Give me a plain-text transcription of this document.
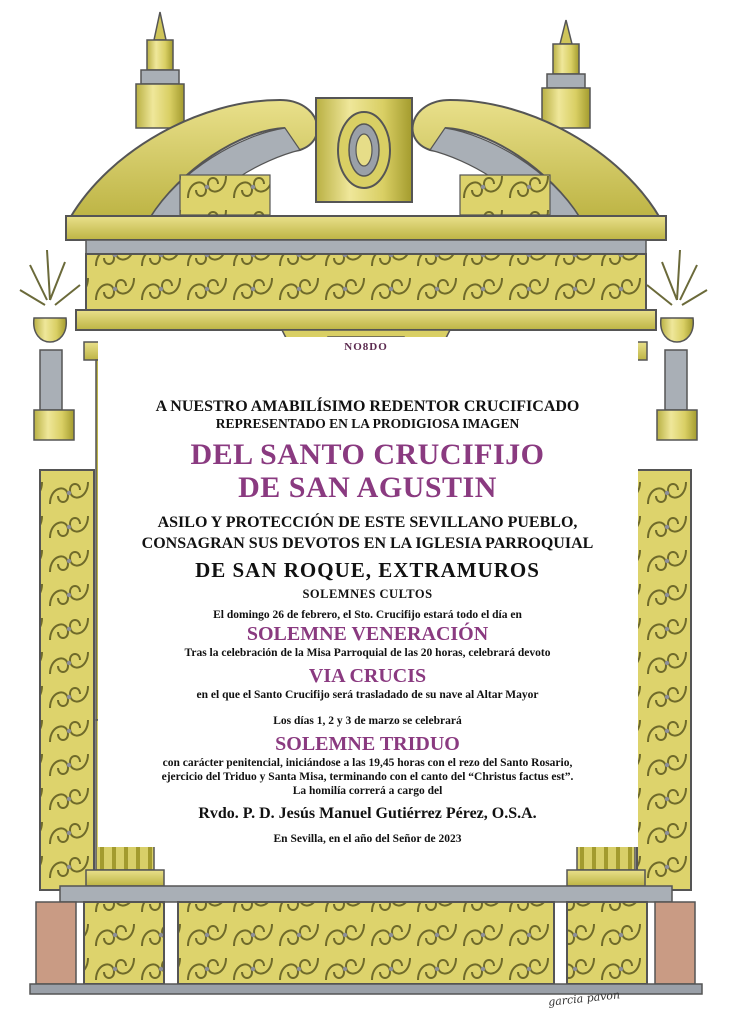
NO8DO
A NUESTRO AMABILÍSIMO REDENTOR CRUCIFICADO
REPRESENTADO EN LA PRODIGIOSA IMAGEN
DEL SANTO CRUCIFIJO
DE SAN AGUSTIN
ASILO Y PROTECCIÓN DE ESTE SEVILLANO PUEBLO,
CONSAGRAN SUS DEVOTOS EN LA IGLESIA PARROQUIAL
DE SAN ROQUE, EXTRAMUROS
SOLEMNES CULTOS
El domingo 26 de febrero, el Sto. Crucifijo estará todo el día en
SOLEMNE VENERACIÓN
Tras la celebración de la Misa Parroquial de las 20 horas, celebrará devoto
VIA CRUCIS
en el que el Santo Crucifijo será trasladado de su nave al Altar Mayor
Los días 1, 2 y 3 de marzo se celebrará
SOLEMNE TRIDUO
con carácter penitencial, iniciándose a las 19,45 horas con el rezo del Santo Rosario,
ejercicio del Triduo y Santa Misa, terminando con el canto del “Christus factus est”.
La homilía correrá a cargo del
Rvdo. P. D. Jesús Manuel Gutiérrez Pérez, O.S.A.
En Sevilla, en el año del Señor de 2023
garcia pavon
